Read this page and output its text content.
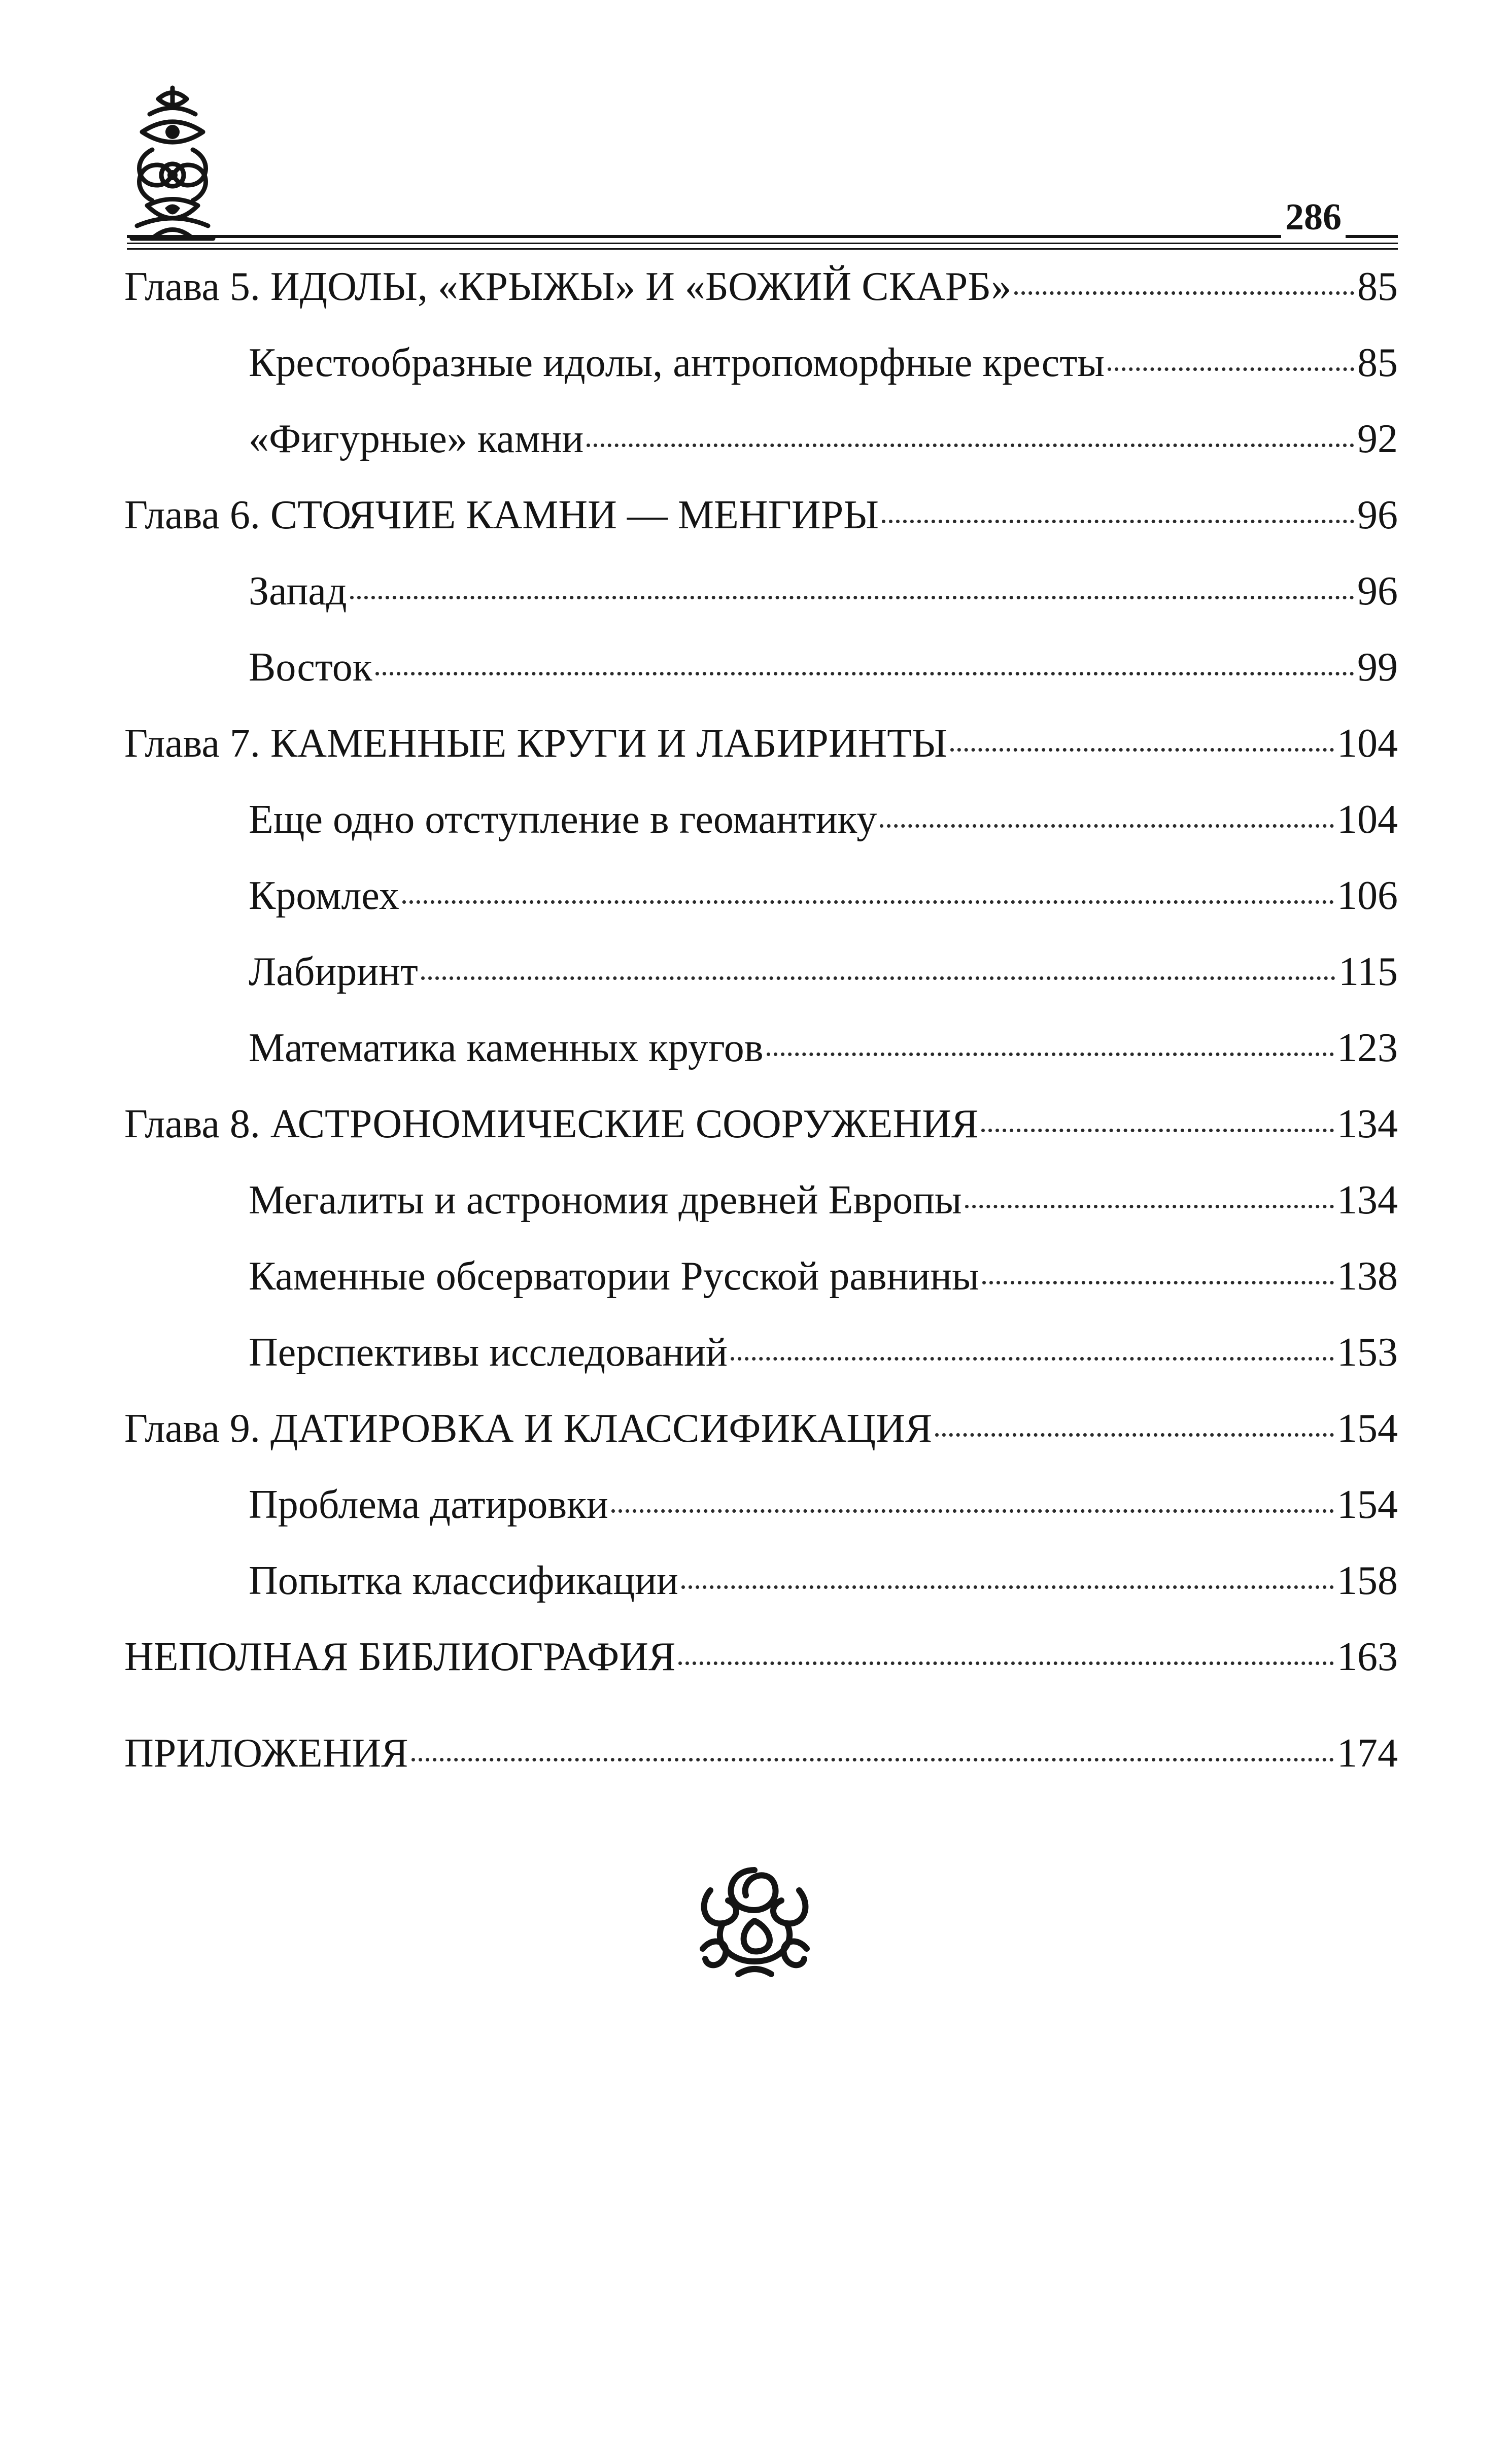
286
Глава 5. ИДОЛЫ, «КРЫЖЫ» И «БОЖИЙ СКАРБ»	85
Крестообразные идолы, антропоморфные кресты	85
«Фигурные» камни	92
Глава 6. СТОЯЧИЕ КАМНИ — МЕНГИРЫ	96
Запад	96
Восток	99
Глава 7. КАМЕННЫЕ КРУГИ И ЛАБИРИНТЫ	104
Еще одно отступление в геомантику	104
Кромлех	106
Лабиринт	115
Математика каменных кругов	123
Глава 8. АСТРОНОМИЧЕСКИЕ СООРУЖЕНИЯ	134
Мегалиты и астрономия древней Европы	134
Каменные обсерватории Русской равнины	138
Перспективы исследований	153
Глава 9. ДАТИРОВКА И КЛАССИФИКАЦИЯ	154
Проблема датировки	154
Попытка классификации	158
НЕПОЛНАЯ БИБЛИОГРАФИЯ	163
ПРИЛОЖЕНИЯ	174
